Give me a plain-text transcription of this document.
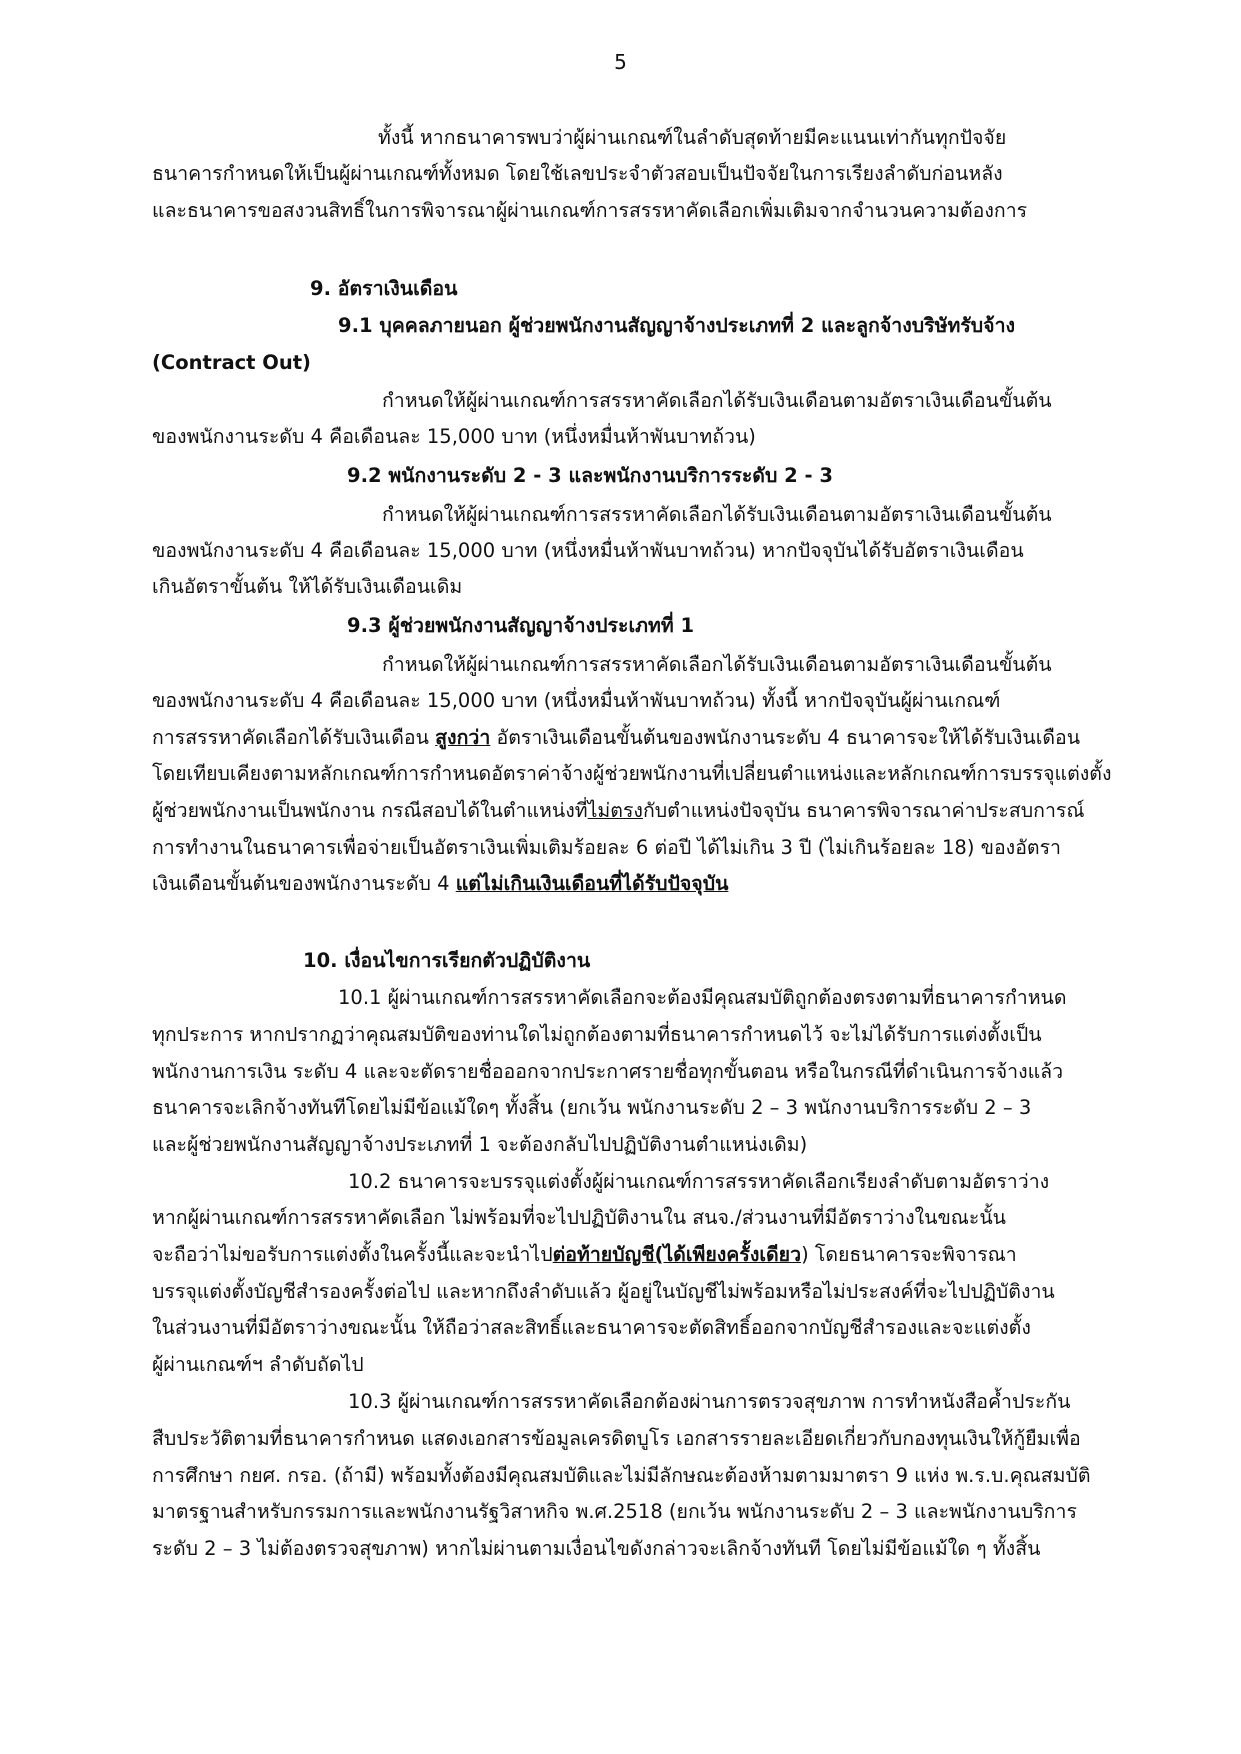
5
ทั้งนี้ หากธนาคารพบว่าผู้ผ่านเกณฑ์ในลำดับสุดท้ายมีคะแนนเท่ากันทุกปัจจัย
ธนาคารกำหนดให้เป็นผู้ผ่านเกณฑ์ทั้งหมด โดยใช้เลขประจำตัวสอบเป็นปัจจัยในการเรียงลำดับก่อนหลัง
และธนาคารขอสงวนสิทธิ์ในการพิจารณาผู้ผ่านเกณฑ์การสรรหาคัดเลือกเพิ่มเติมจากจำนวนความต้องการ
9. อัตราเงินเดือน
9.1 บุคคลภายนอก ผู้ช่วยพนักงานสัญญาจ้างประเภทที่ 2 และลูกจ้างบริษัทรับจ้าง
(Contract Out)
กำหนดให้ผู้ผ่านเกณฑ์การสรรหาคัดเลือกได้รับเงินเดือนตามอัตราเงินเดือนขั้นต้น
ของพนักงานระดับ 4 คือเดือนละ 15,000 บาท (หนึ่งหมื่นห้าพันบาทถ้วน)
9.2 พนักงานระดับ 2 - 3 และพนักงานบริการระดับ 2 - 3
กำหนดให้ผู้ผ่านเกณฑ์การสรรหาคัดเลือกได้รับเงินเดือนตามอัตราเงินเดือนขั้นต้น
ของพนักงานระดับ 4 คือเดือนละ 15,000 บาท (หนึ่งหมื่นห้าพันบาทถ้วน) หากปัจจุบันได้รับอัตราเงินเดือน
เกินอัตราขั้นต้น ให้ได้รับเงินเดือนเดิม
9.3 ผู้ช่วยพนักงานสัญญาจ้างประเภทที่ 1
กำหนดให้ผู้ผ่านเกณฑ์การสรรหาคัดเลือกได้รับเงินเดือนตามอัตราเงินเดือนขั้นต้น
ของพนักงานระดับ 4 คือเดือนละ 15,000 บาท (หนึ่งหมื่นห้าพันบาทถ้วน) ทั้งนี้ หากปัจจุบันผู้ผ่านเกณฑ์
การสรรหาคัดเลือกได้รับเงินเดือน สูงกว่า อัตราเงินเดือนขั้นต้นของพนักงานระดับ 4 ธนาคารจะให้ได้รับเงินเดือน
โดยเทียบเคียงตามหลักเกณฑ์การกำหนดอัตราค่าจ้างผู้ช่วยพนักงานที่เปลี่ยนตำแหน่งและหลักเกณฑ์การบรรจุแต่งตั้ง
ผู้ช่วยพนักงานเป็นพนักงาน กรณีสอบได้ในตำแหน่งที่ไม่ตรงกับตำแหน่งปัจจุบัน ธนาคารพิจารณาค่าประสบการณ์
การทำงานในธนาคารเพื่อจ่ายเป็นอัตราเงินเพิ่มเติมร้อยละ 6 ต่อปี ได้ไม่เกิน 3 ปี (ไม่เกินร้อยละ 18) ของอัตรา
เงินเดือนขั้นต้นของพนักงานระดับ 4 แต่ไม่เกินเงินเดือนที่ได้รับปัจจุบัน
10. เงื่อนไขการเรียกตัวปฏิบัติงาน
10.1 ผู้ผ่านเกณฑ์การสรรหาคัดเลือกจะต้องมีคุณสมบัติถูกต้องตรงตามที่ธนาคารกำหนด
ทุกประการ หากปรากฏว่าคุณสมบัติของท่านใดไม่ถูกต้องตามที่ธนาคารกำหนดไว้ จะไม่ได้รับการแต่งตั้งเป็น
พนักงานการเงิน ระดับ 4 และจะตัดรายชื่อออกจากประกาศรายชื่อทุกขั้นตอน หรือในกรณีที่ดำเนินการจ้างแล้ว
ธนาคารจะเลิกจ้างทันทีโดยไม่มีข้อแม้ใดๆ ทั้งสิ้น (ยกเว้น พนักงานระดับ 2 – 3 พนักงานบริการระดับ 2 – 3
และผู้ช่วยพนักงานสัญญาจ้างประเภทที่ 1 จะต้องกลับไปปฏิบัติงานตำแหน่งเดิม)
10.2 ธนาคารจะบรรจุแต่งตั้งผู้ผ่านเกณฑ์การสรรหาคัดเลือกเรียงลำดับตามอัตราว่าง
หากผู้ผ่านเกณฑ์การสรรหาคัดเลือก ไม่พร้อมที่จะไปปฏิบัติงานใน สนจ./ส่วนงานที่มีอัตราว่างในขณะนั้น
จะถือว่าไม่ขอรับการแต่งตั้งในครั้งนี้และจะนำไปต่อท้ายบัญชี(ได้เพียงครั้งเดียว) โดยธนาคารจะพิจารณา
บรรจุแต่งตั้งบัญชีสำรองครั้งต่อไป และหากถึงลำดับแล้ว ผู้อยู่ในบัญชีไม่พร้อมหรือไม่ประสงค์ที่จะไปปฏิบัติงาน
ในส่วนงานที่มีอัตราว่างขณะนั้น ให้ถือว่าสละสิทธิ์และธนาคารจะตัดสิทธิ์ออกจากบัญชีสำรองและจะแต่งตั้ง
ผู้ผ่านเกณฑ์ฯ ลำดับถัดไป
10.3 ผู้ผ่านเกณฑ์การสรรหาคัดเลือกต้องผ่านการตรวจสุขภาพ การทำหนังสือค้ำประกัน
สืบประวัติตามที่ธนาคารกำหนด แสดงเอกสารข้อมูลเครดิตบูโร เอกสารรายละเอียดเกี่ยวกับกองทุนเงินให้กู้ยืมเพื่อ
การศึกษา กยศ. กรอ. (ถ้ามี) พร้อมทั้งต้องมีคุณสมบัติและไม่มีลักษณะต้องห้ามตามมาตรา 9 แห่ง พ.ร.บ.คุณสมบัติ
มาตรฐานสำหรับกรรมการและพนักงานรัฐวิสาหกิจ พ.ศ.2518 (ยกเว้น พนักงานระดับ 2 – 3 และพนักงานบริการ
ระดับ 2 – 3 ไม่ต้องตรวจสุขภาพ) หากไม่ผ่านตามเงื่อนไขดังกล่าวจะเลิกจ้างทันที โดยไม่มีข้อแม้ใด ๆ ทั้งสิ้น
